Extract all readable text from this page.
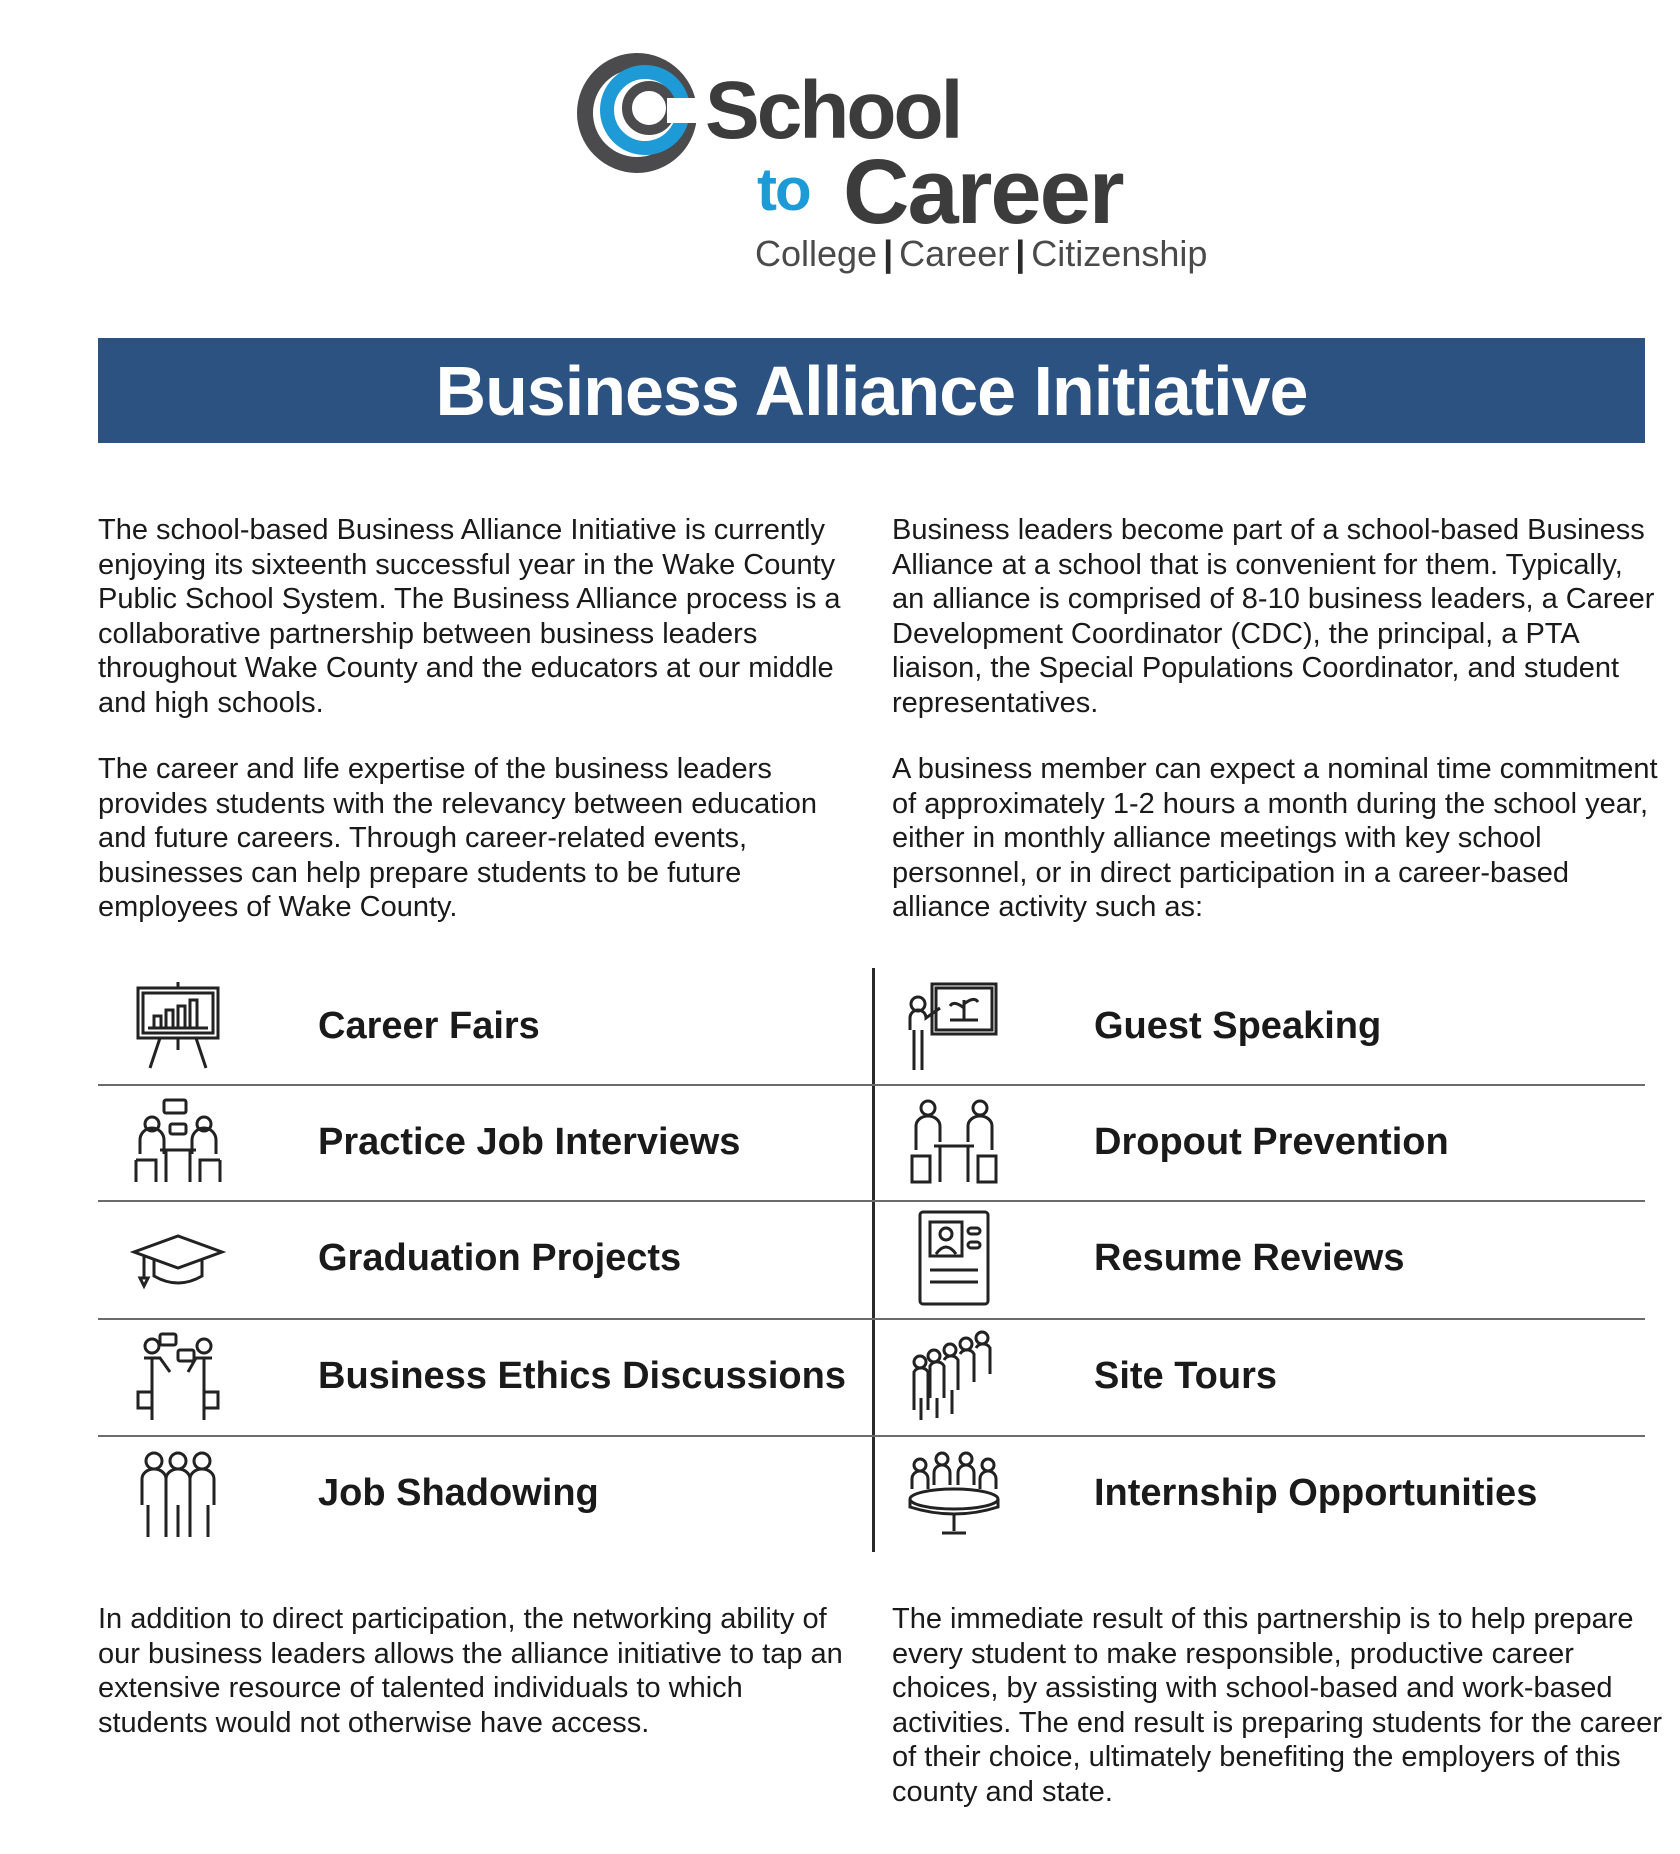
School
to Career
College | Career | Citizenship
Business Alliance Initiative

The school-based Business Alliance Initiative is currently enjoying its sixteenth successful year in the Wake County Public School System. The Business Alliance process is a collaborative partnership between business leaders throughout Wake County and the educators at our middle and high schools.

The career and life expertise of the business leaders provides students with the relevancy between education and future careers. Through career-related events, businesses can help prepare students to be future employees of Wake County.

Business leaders become part of a school-based Business Alliance at a school that is convenient for them. Typically, an alliance is comprised of 8-10 business leaders, a Career Development Coordinator (CDC), the principal, a PTA liaison, the Special Populations Coordinator, and student representatives.

A business member can expect a nominal time commitment of approximately 1-2 hours a month during the school year, either in monthly alliance meetings with key school personnel, or in direct participation in a career-based alliance activity such as:

Career Fairs
Practice Job Interviews
Graduation Projects
Business Ethics Discussions
Job Shadowing
Guest Speaking
Dropout Prevention
Resume Reviews
Site Tours
Internship Opportunities

In addition to direct participation, the networking ability of our business leaders allows the alliance initiative to tap an extensive resource of talented individuals to which students would not otherwise have access.

The immediate result of this partnership is to help prepare every student to make responsible, productive career choices, by assisting with school-based and work-based activities. The end result is preparing students for the career of their choice, ultimately benefiting the employers of this county and state.
